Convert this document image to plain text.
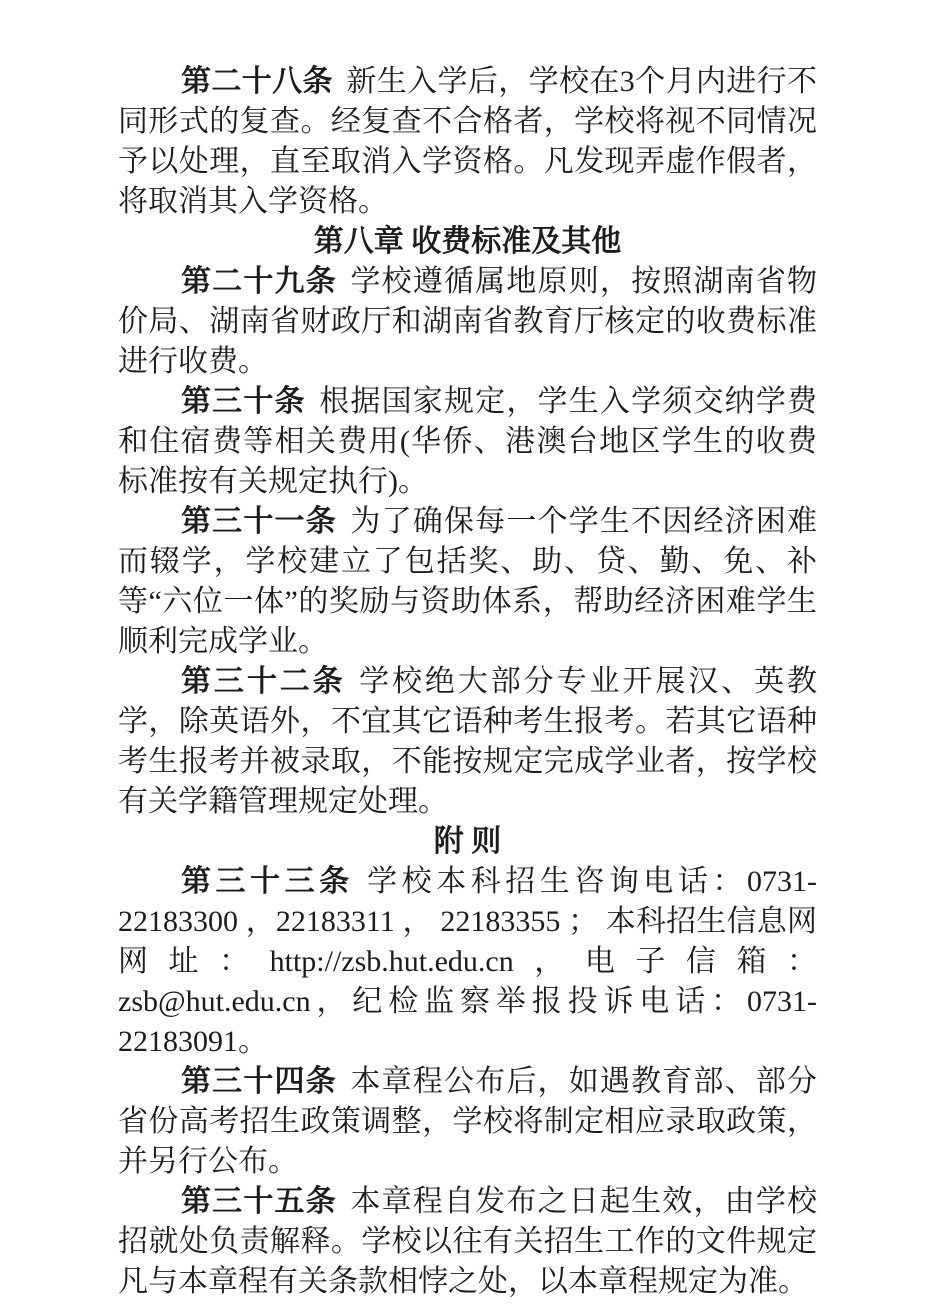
第二十八条 新生入学后，学校在3个月内进行不同形式的复查。经复查不合格者，学校将视不同情况予以处理，直至取消入学资格。凡发现弄虚作假者，将取消其入学资格。

第八章 收费标准及其他

第二十九条 学校遵循属地原则，按照湖南省物价局、湖南省财政厅和湖南省教育厅核定的收费标准进行收费。

第三十条 根据国家规定，学生入学须交纳学费和住宿费等相关费用(华侨、港澳台地区学生的收费标准按有关规定执行)。

第三十一条 为了确保每一个学生不因经济困难而辍学，学校建立了包括奖、助、贷、勤、免、补等“六位一体”的奖励与资助体系，帮助经济困难学生顺利完成学业。

第三十二条 学校绝大部分专业开展汉、英教学，除英语外，不宜其它语种考生报考。若其它语种考生报考并被录取，不能按规定完成学业者，按学校有关学籍管理规定处理。

附 则

第三十三条 学校本科招生咨询电话：0731-22183300 ，22183311 ， 22183355 ； 本科招生信息网网址：http://zsb.hut.edu.cn，电子信箱：zsb@hut.edu.cn，纪检监察举报投诉电话：0731-22183091。

第三十四条 本章程公布后，如遇教育部、部分省份高考招生政策调整，学校将制定相应录取政策，并另行公布。

第三十五条 本章程自发布之日起生效，由学校招就处负责解释。学校以往有关招生工作的文件规定凡与本章程有关条款相悖之处，以本章程规定为准。
